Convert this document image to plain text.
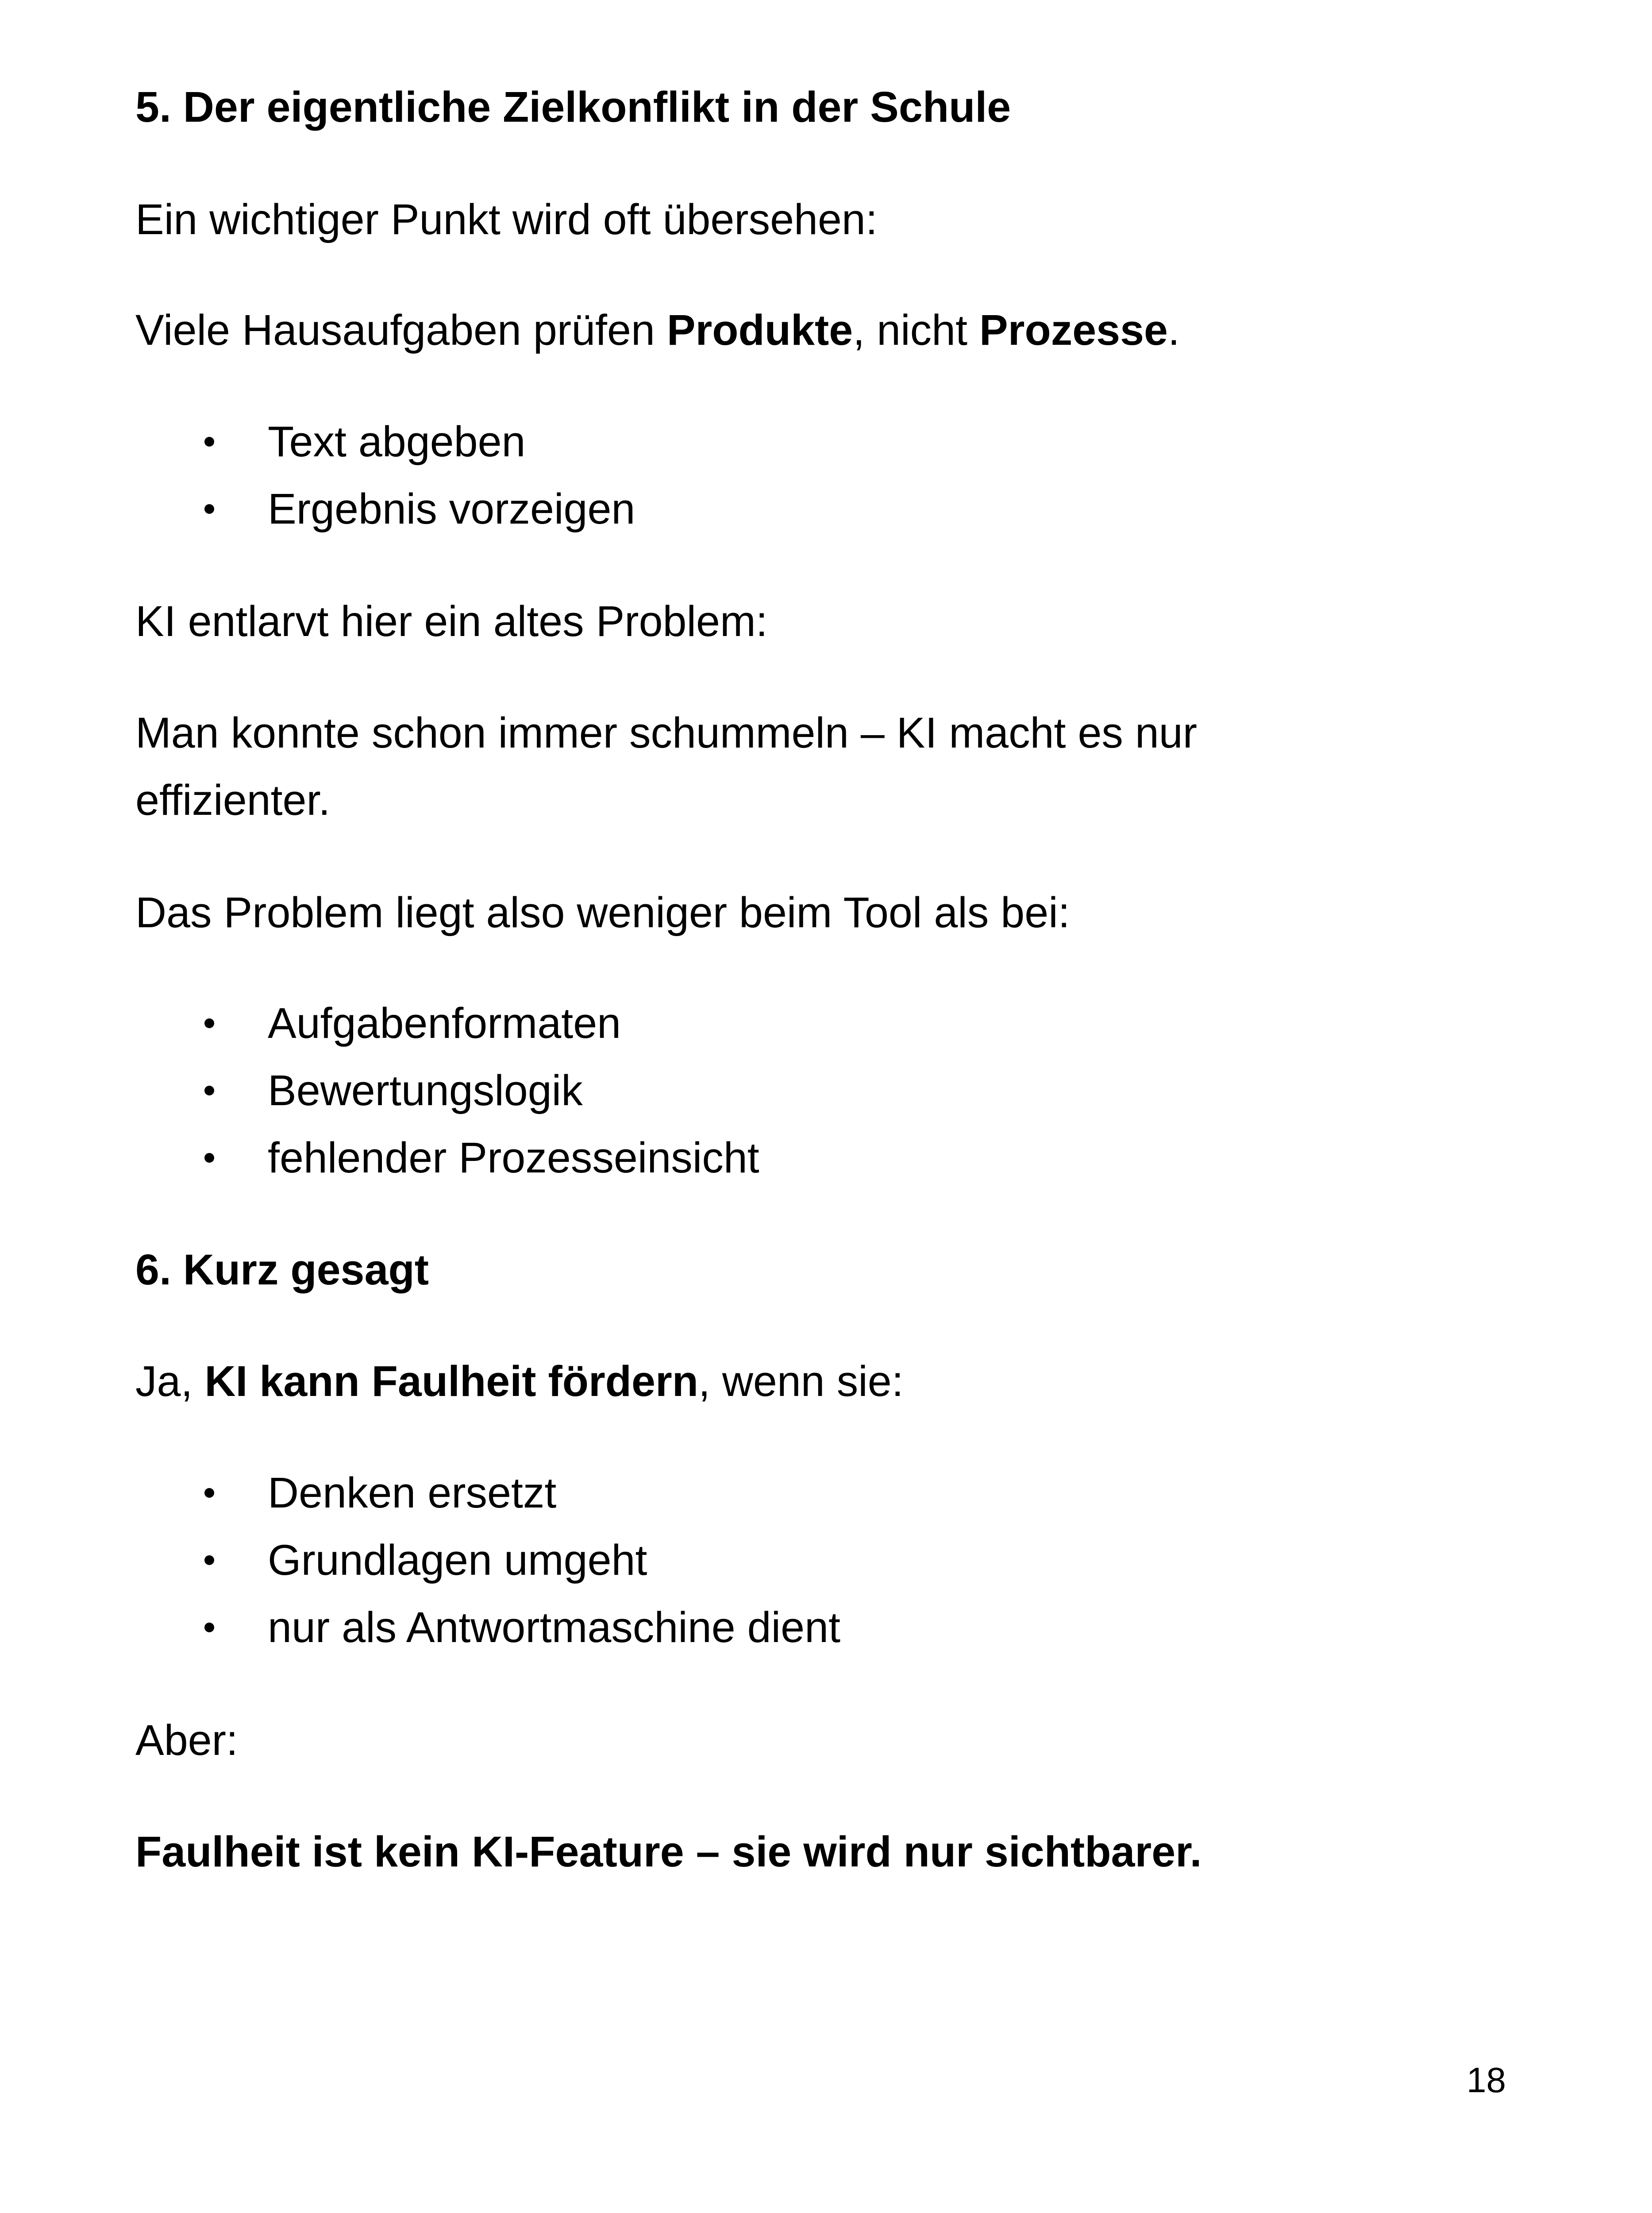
5. Der eigentliche Zielkonflikt in der Schule

Ein wichtiger Punkt wird oft übersehen:

Viele Hausaufgaben prüfen Produkte, nicht Prozesse.

Text abgeben
Ergebnis vorzeigen

KI entlarvt hier ein altes Problem:

Man konnte schon immer schummeln – KI macht es nur

effizienter.

Das Problem liegt also weniger beim Tool als bei:

Aufgabenformaten
Bewertungslogik
fehlender Prozesseinsicht

6. Kurz gesagt

Ja, KI kann Faulheit fördern, wenn sie:

Denken ersetzt
Grundlagen umgeht
nur als Antwortmaschine dient

Aber:

Faulheit ist kein KI-Feature – sie wird nur sichtbarer.

18
